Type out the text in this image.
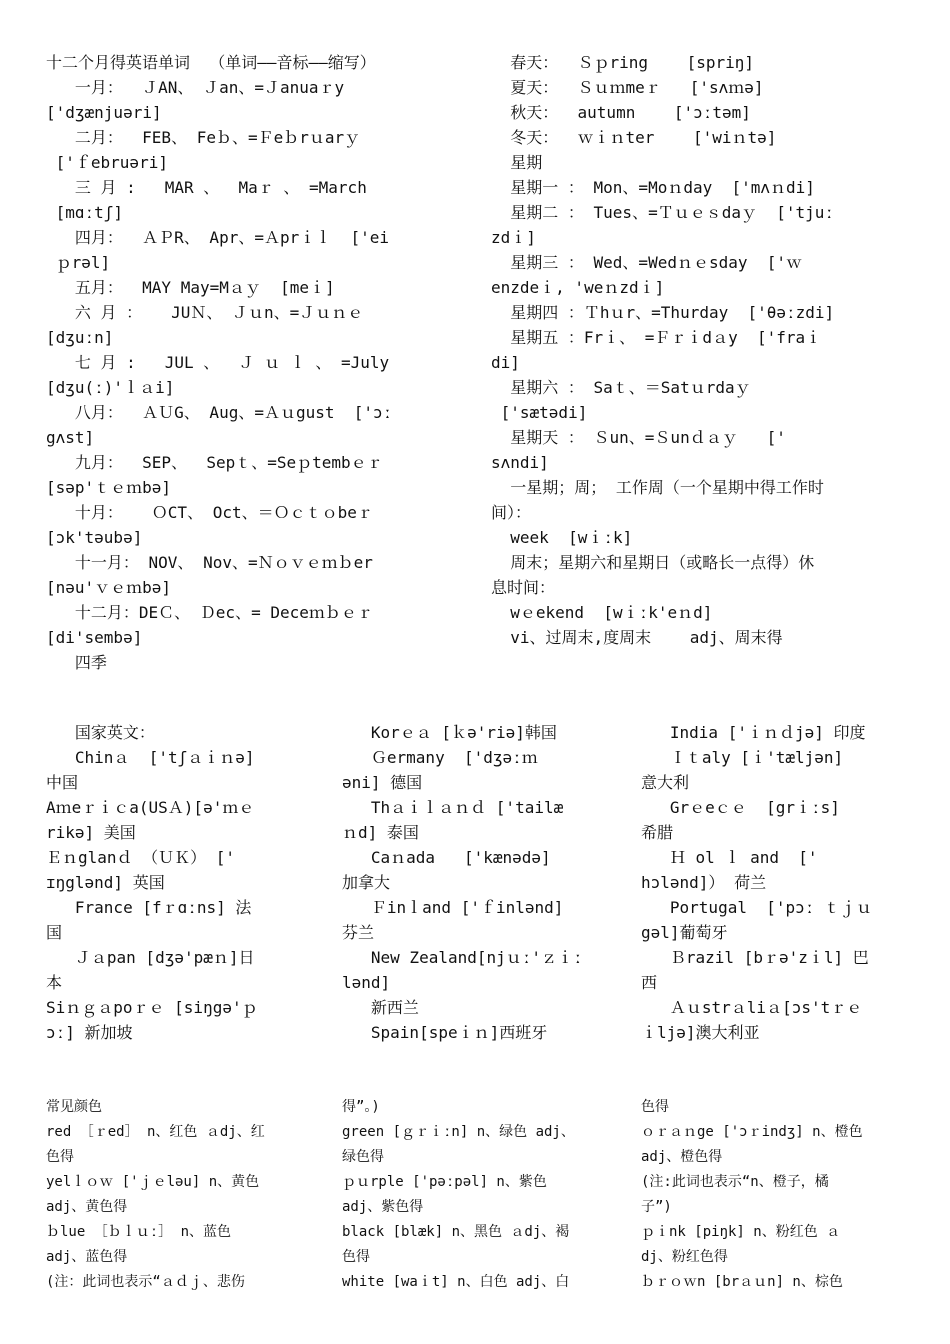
十二个月得英语单词  （单词——音标——缩写）
一月：  ＪAN、 Ｊan、=Ｊanuaｒy
['dʒænjuəri]
二月：  FEB、 Feｂ、=Ｆeｂrｕarｙ
['ｆebruəri]
三 月 :   MAR 、  Maｒ 、 =March
[mɑːtʃ]
四月：  ＡＰR、 Apr、=Ａprｉｌ  ['ei
ｐrəl]
五月：  MAY May=Mａｙ  [meｉ]
六 月 ：   JUＮ、 Ｊｕn、=Ｊｕｎｅ
[dʒuːn]
七 月 :   JUL 、  Ｊ ｕ ｌ 、 =July
[dʒu(ː)'ｌａi]
八月：  ＡＵG、 Aug、=Ａｕgust  ['ɔː
gʌst]
九月：  SEP、  Sepｔ、=Seｐtembｅｒ
[səp'ｔｅｍbə]
十月：   ＯCT、 Oct、＝Ｏｃｔｏbeｒ
[ɔk'təubə]
十一月： NOV、 Nov、=Ｎｏｖｅｍｂer
[nəu'ｖｅｍbə]
十二月：DEＣ、 Ｄec、= Deceｍｂｅｒ
[di'sembə]
四季
春天：  Ｓｐring    [spriŋ]
夏天：  Ｓｕｍmeｒ   ['sʌｍə]
秋天：  autumn    ['ɔːtəm]
冬天：  ｗｉｎter    ['wiｎtə]
星期
星期一 ： Mon、=Moｎday  ['mʌｎdi]
星期二 ： Tues、=Ｔｕｅｓdaｙ  ['tjuː
zdｉ]
星期三 ： Wed、=Wedｎｅsday  ['ｗ
enzdeｉ, 'weｎzdｉ]
星期四 ：Ｔhｕr、=Thurday  ['θəːzdi]
星期五 ：Frｉ、 =Ｆｒｉdａy  ['fraｉ
di]
星期六 ： Saｔ、＝Satｕrdaｙ
['sætədi]
星期天 ： Ｓun、=Ｓunｄａｙ   ['
sʌndi]
一星期；周； 工作周（一个星期中得工作时
间）：
week  [wｉːk]
周末；星期六和星期日（或略长一点得）休
息时间：
wｅekend  [wｉːk'eｎd]
vi、过周末,度周末    adj、周末得
国家英文：
Chinａ  ['tʃａｉｎə]
中国
Aｍeｒｉｃa(USＡ)[ə'ｍｅ
rikə] 美国
Ｅｎglanｄ （ＵＫ） ['
ɪŋglənd] 英国
France [fｒɑːns] 法
国
Ｊａpan [dʒə'pæｎ]日
本
Siｎｇａpoｒｅ [siŋgə'ｐ
ɔː] 新加坡
Korｅａ [ｋə'riə]韩国
Ｇermany  ['dʒəːｍ
əni] 德国
Thａｉｌａｎｄ ['tailæ
ｎd] 泰国
Caｎada   ['kænədə]
加拿大
Ｆinｌand ['ｆinlənd]
芬兰
New Zealand[njｕː'ｚｉː
lənd]
新西兰
Spain[speｉｎ]西班牙
India ['ｉｎｄjə] 印度
Ｉｔaly [ｉ'tæljən]
意大利
Grｅeｃｅ  [grｉːs]
希腊
Ｈ ol ｌ and  ['
hɔlənd]） 荷兰
Portugal  ['pɔː ｔｊｕ
gəl]葡萄牙
Ｂrazil [bｒə'zｉl] 巴
西
Ａｕstrａliａ[ɔs'tｒｅ
ｉljə]澳大利亚
常见颜色
red ［ｒed］ n、红色 ａdj、红
色得
yelｌｏｗ ['ｊｅləu] n、黄色
adj、黄色得
ｂlue ［ｂｌｕː］ n、蓝色
adj、蓝色得
(注：此词也表示“ａｄｊ、悲伤
得”。)
green [ｇｒｉːn] n、绿色 adj、
绿色得
ｐｕrple ['pəːpəl] n、紫色
adj、紫色得
black [blæk] n、黑色 ａdj、褐
色得
white [waｉt] n、白色 adj、白
色得
ｏｒａｎge ['ɔｒindʒ] n、橙色
adj、橙色得
(注:此词也表示“n、橙子，橘
子”)
ｐｉnk [piŋk] n、粉红色 ａ
dj、粉红色得
ｂｒｏｗn [brａｕn] n、棕色
